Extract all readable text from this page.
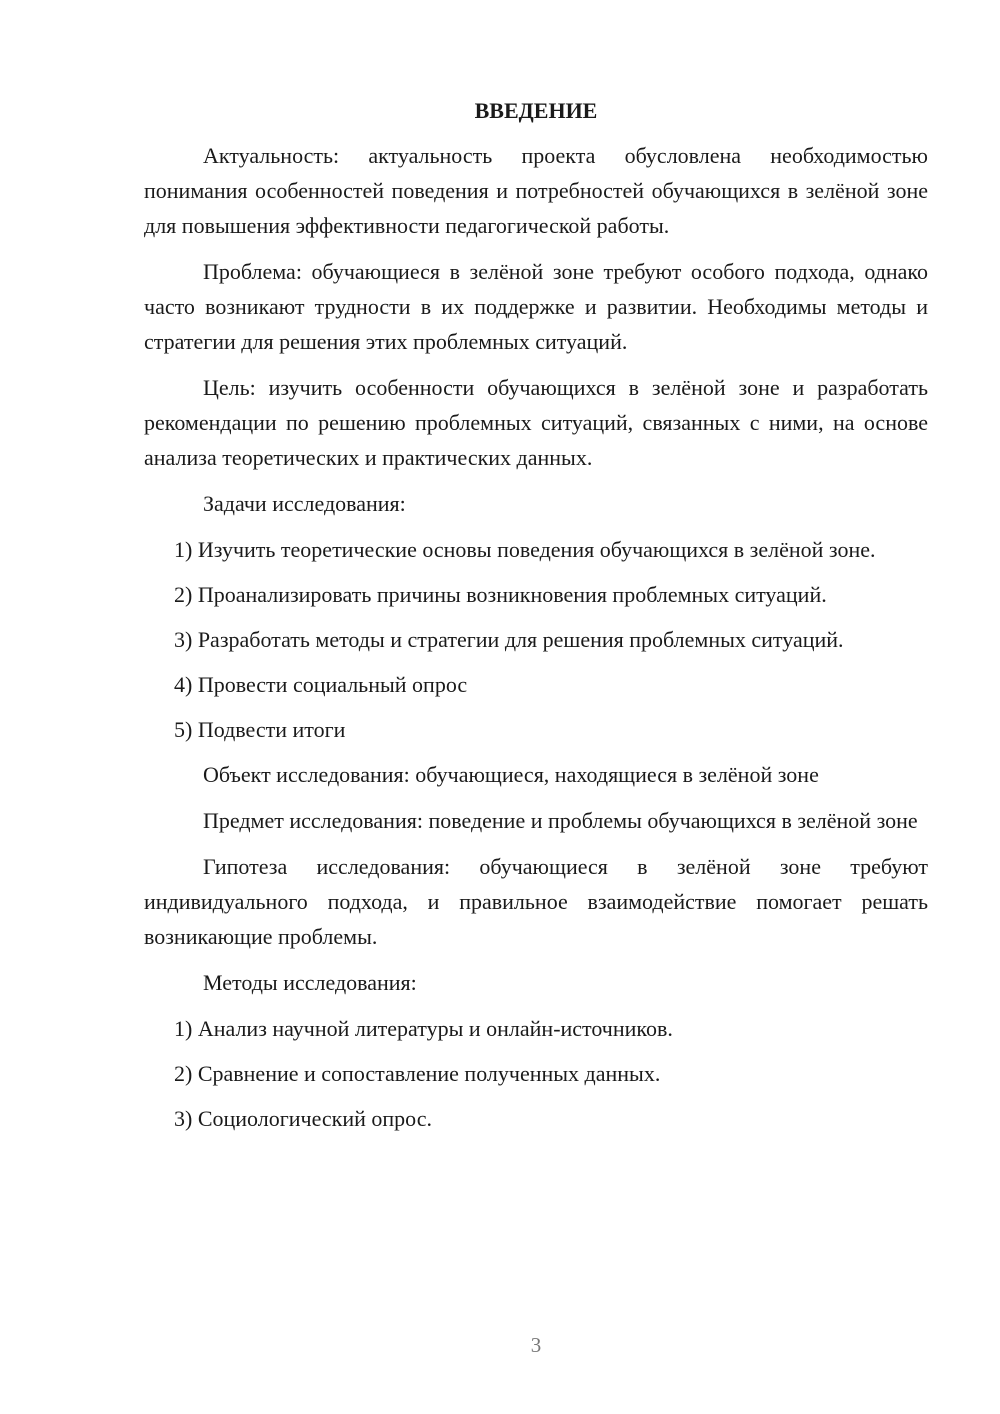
ВВЕДЕНИЕ

Актуальность: актуальность проекта обусловлена необходимостью понимания особенностей поведения и потребностей обучающихся в зелёной зоне для повышения эффективности педагогической работы.

Проблема: обучающиеся в зелёной зоне требуют особого подхода, однако часто возникают трудности в их поддержке и развитии. Необходимы методы и стратегии для решения этих проблемных ситуаций.

Цель: изучить особенности обучающихся в зелёной зоне и разработать рекомендации по решению проблемных ситуаций, связанных с ними, на основе анализа теоретических и практических данных.

Задачи исследования:

1) Изучить теоретические основы поведения обучающихся в зелёной зоне.

2) Проанализировать причины возникновения проблемных ситуаций.

3) Разработать методы и стратегии для решения проблемных ситуаций.

4) Провести социальный опрос

5) Подвести итоги

Объект исследования: обучающиеся, находящиеся в зелёной зоне

Предмет исследования: поведение и проблемы обучающихся в зелёной зоне

Гипотеза исследования: обучающиеся в зелёной зоне требуют индивидуального подхода, и правильное взаимодействие помогает решать возникающие проблемы.

Методы исследования:

1) Анализ научной литературы и онлайн-источников.

2) Сравнение и сопоставление полученных данных.

3) Социологический опрос.

3
